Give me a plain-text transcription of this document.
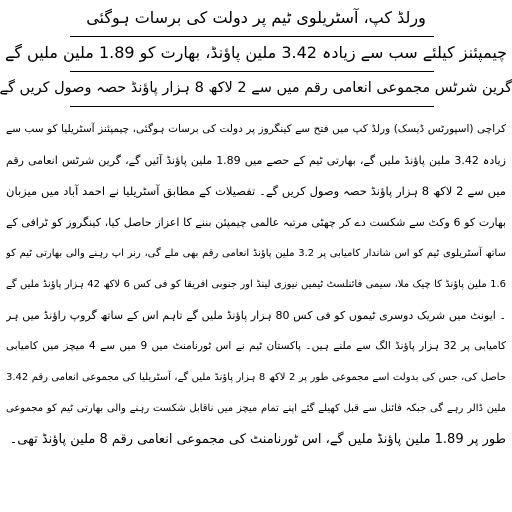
ورلڈ کپ، آسٹریلوی ٹیم پر دولت کی برسات ہوگئی
چیمپئنز کیلئے سب سے زیادہ 3.42 ملین پاؤنڈ، بھارت کو 1.89 ملین ملیں گے
گرین شرٹس مجموعی انعامی رقم میں سے 2 لاکھ 8 ہزار پاؤنڈ حصہ وصول کریں گے
کراچی (اسپورٹس ڈیسک) ورلڈ کپ میں فتح سے کینگروز پر دولت کی برسات ہوگئی، چیمپئنز آسٹریلیا کو سب سے
زیادہ 3.42 ملین پاؤنڈ ملیں گے، بھارتی ٹیم کے حصے میں 1.89 ملین پاؤنڈ آئیں گے، گرین شرٹس انعامی رقم
میں سے 2 لاکھ 8 ہزار پاؤنڈ حصہ وصول کریں گے۔ تفصیلات کے مطابق آسٹریلیا نے احمد آباد میں میزبان
بھارت کو 6 وکٹ سے شکست دے کر چھٹی مرتبہ عالمی چیمپئن بننے کا اعزاز حاصل کیا، کینگروز کو ٹرافی کے
ساتھ آسٹریلوی ٹیم کو اس شاندار کامیابی پر 3.2 ملین پاؤنڈ انعامی رقم بھی ملے گی، رنر اپ رہنے والی بھارتی ٹیم کو
1.6 ملین پاؤنڈ کا چیک ملا، سیمی فائنلسٹ ٹیمیں نیوزی لینڈ اور جنوبی افریقا کو فی کس 6 لاکھ 42 ہزار پاؤنڈ ملیں گے
۔ ایونٹ میں شریک دوسری ٹیموں کو فی کس 80 ہزار پاؤنڈ ملیں گے تاہم اس کے ساتھ گروپ راؤنڈ میں ہر
کامیابی پر 32 ہزار پاؤنڈ الگ سے ملنے ہیں۔ پاکستان ٹیم نے اس ٹورنامنٹ میں 9 میں سے 4 میچز میں کامیابی
حاصل کی، جس کی بدولت اسے مجموعی طور پر 2 لاکھ 8 ہزار پاؤنڈ ملیں گے، آسٹریلیا کی مجموعی انعامی رقم 3.42
ملین ڈالر رہے گی جبکہ فائنل سے قبل کھیلے گئے اپنے تمام میچز میں ناقابل شکست رہنے والی بھارتی ٹیم کو مجموعی
طور پر 1.89 ملین پاؤنڈ ملیں گے، اس ٹورنامنٹ کی مجموعی انعامی رقم 8 ملین پاؤنڈ تھی۔
